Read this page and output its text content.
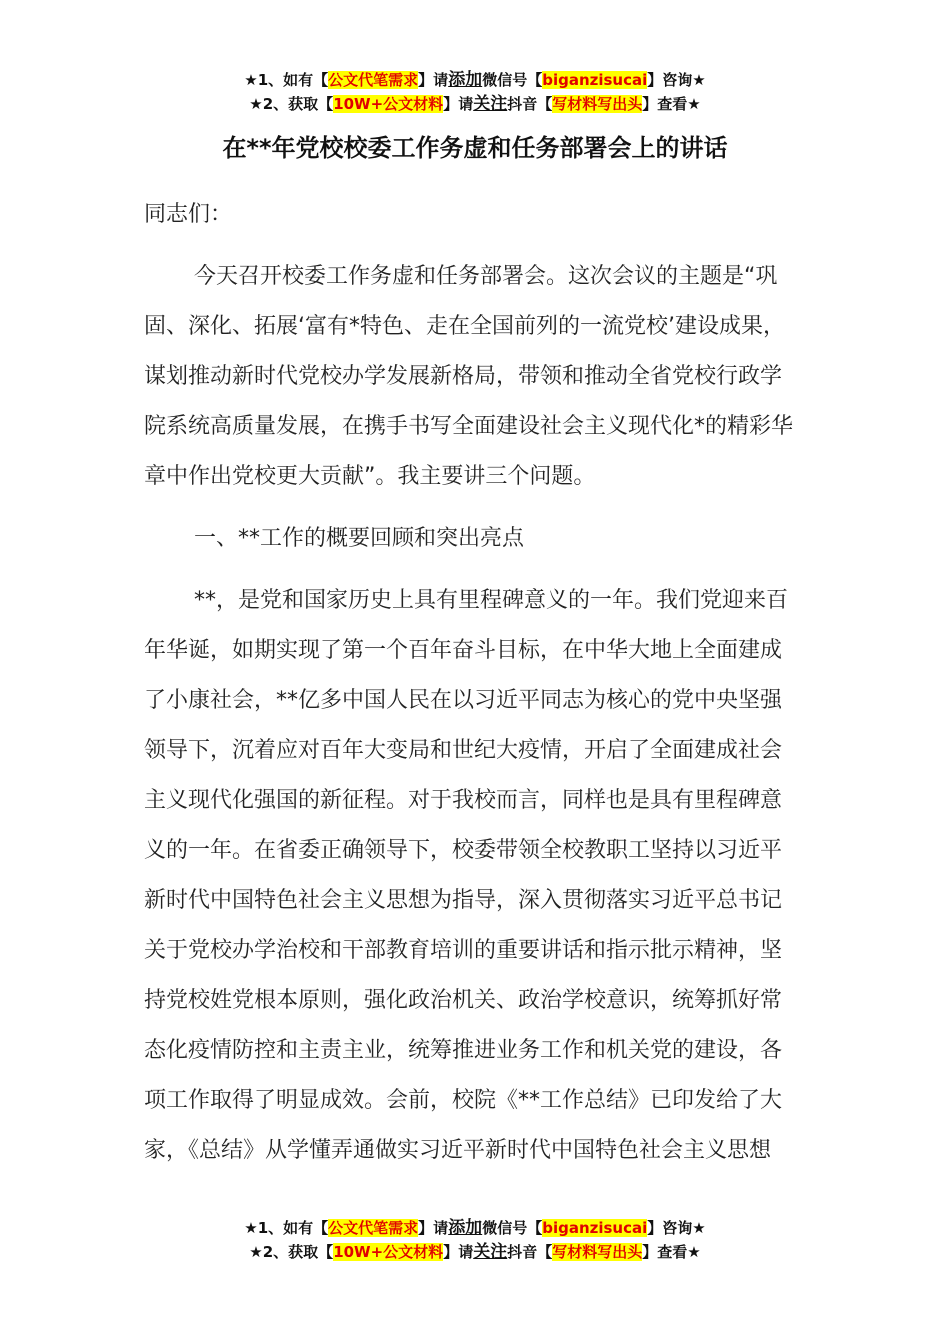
★1、如有【公文代笔需求】请添加微信号【biganzisucai】咨询★
★2、获取【10W+公文材料】请关注抖音【写材料写出头】查看★
在**年党校校委工作务虚和任务部署会上的讲话

同志们：

今天召开校委工作务虚和任务部署会。这次会议的主题是“巩

固、深化、拓展‘富有*特色、走在全国前列的一流党校’建设成果，

谋划推动新时代党校办学发展新格局，带领和推动全省党校行政学

院系统高质量发展，在携手书写全面建设社会主义现代化*的精彩华

章中作出党校更大贡献”。我主要讲三个问题。

一、**工作的概要回顾和突出亮点

**，是党和国家历史上具有里程碑意义的一年。我们党迎来百

年华诞，如期实现了第一个百年奋斗目标，在中华大地上全面建成

了小康社会，**亿多中国人民在以习近平同志为核心的党中央坚强

领导下，沉着应对百年大变局和世纪大疫情，开启了全面建成社会

主义现代化强国的新征程。对于我校而言，同样也是具有里程碑意

义的一年。在省委正确领导下，校委带领全校教职工坚持以习近平

新时代中国特色社会主义思想为指导，深入贯彻落实习近平总书记

关于党校办学治校和干部教育培训的重要讲话和指示批示精神，坚

持党校姓党根本原则，强化政治机关、政治学校意识，统筹抓好常

态化疫情防控和主责主业，统筹推进业务工作和机关党的建设，各

项工作取得了明显成效。会前，校院《**工作总结》已印发给了大

家，《总结》从学懂弄通做实习近平新时代中国特色社会主义思想

★1、如有【公文代笔需求】请添加微信号【biganzisucai】咨询★
★2、获取【10W+公文材料】请关注抖音【写材料写出头】查看★
